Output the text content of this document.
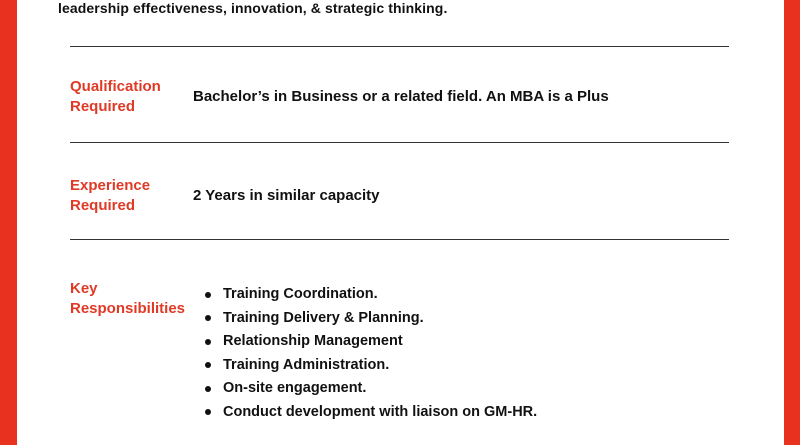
leadership effectiveness, innovation, & strategic thinking.

Qualification
Required

Bachelor’s in Business or a related field. An MBA is a Plus

Experience
Required

2 Years in similar capacity

Key
Responsibilities

Training Coordination.
Training Delivery & Planning.
Relationship Management
Training Administration.
On-site engagement.
Conduct development with liaison on GM-HR.
